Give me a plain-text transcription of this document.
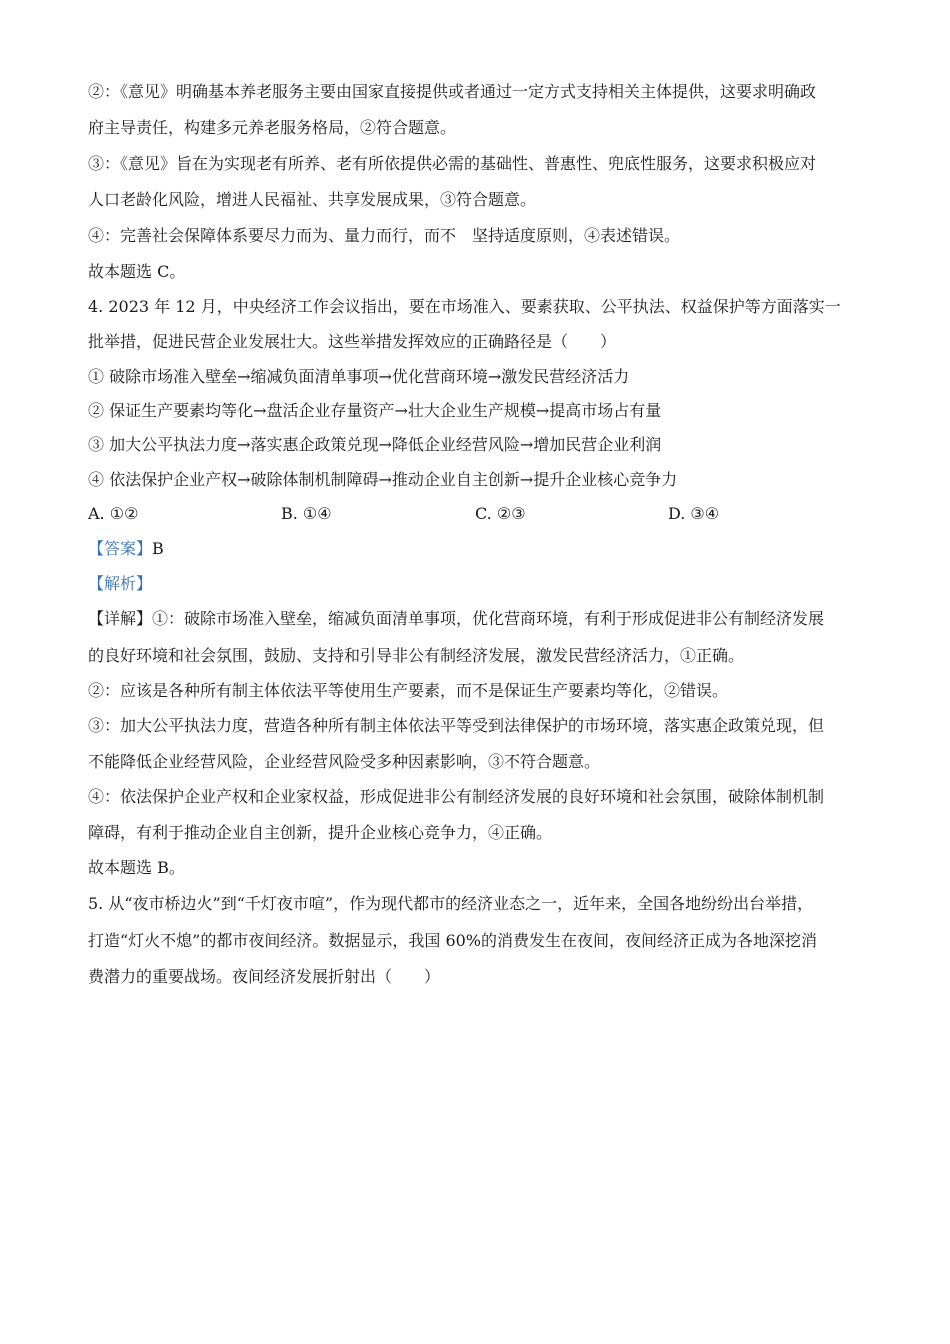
②：《意见》明确基本养老服务主要由国家直接提供或者通过一定方式支持相关主体提供，这要求明确政
府主导责任，构建多元养老服务格局，②符合题意。
③：《意见》旨在为实现老有所养、老有所依提供必需的基础性、普惠性、兜底性服务，这要求积极应对
人口老龄化风险，增进人民福祉、共享发展成果，③符合题意。
④：完善社会保障体系要尽力而为、量力而行，而不　坚持适度原则，④表述错误。
故本题选 C。
4. 2023 年 12 月，中央经济工作会议指出，要在市场准入、要素获取、公平执法、权益保护等方面落实一
批举措，促进民营企业发展壮大。这些举措发挥效应的正确路径是（　　）
① 破除市场准入壁垒→缩减负面清单事项→优化营商环境→激发民营经济活力
② 保证生产要素均等化→盘活企业存量资产→壮大企业生产规模→提高市场占有量
③ 加大公平执法力度→落实惠企政策兑现→降低企业经营风险→增加民营企业利润
④ 依法保护企业产权→破除体制机制障碍→推动企业自主创新→提升企业核心竞争力
A. ①②	B. ①④	C. ②③	D. ③④
【答案】B
【解析】
【详解】①：破除市场准入壁垒，缩减负面清单事项，优化营商环境，有利于形成促进非公有制经济发展
的良好环境和社会氛围，鼓励、支持和引导非公有制经济发展，激发民营经济活力，①正确。
②：应该是各种所有制主体依法平等使用生产要素，而不是保证生产要素均等化，②错误。
③：加大公平执法力度，营造各种所有制主体依法平等受到法律保护的市场环境，落实惠企政策兑现，但
不能降低企业经营风险，企业经营风险受多种因素影响，③不符合题意。
④：依法保护企业产权和企业家权益，形成促进非公有制经济发展的良好环境和社会氛围，破除体制机制
障碍，有利于推动企业自主创新，提升企业核心竞争力，④正确。
故本题选 B。
5. 从“夜市桥边火”到“千灯夜市喧”，作为现代都市的经济业态之一，近年来，全国各地纷纷出台举措，
打造“灯火不熄”的都市夜间经济。数据显示，我国 60%的消费发生在夜间，夜间经济正成为各地深挖消
费潜力的重要战场。夜间经济发展折射出（　　）
